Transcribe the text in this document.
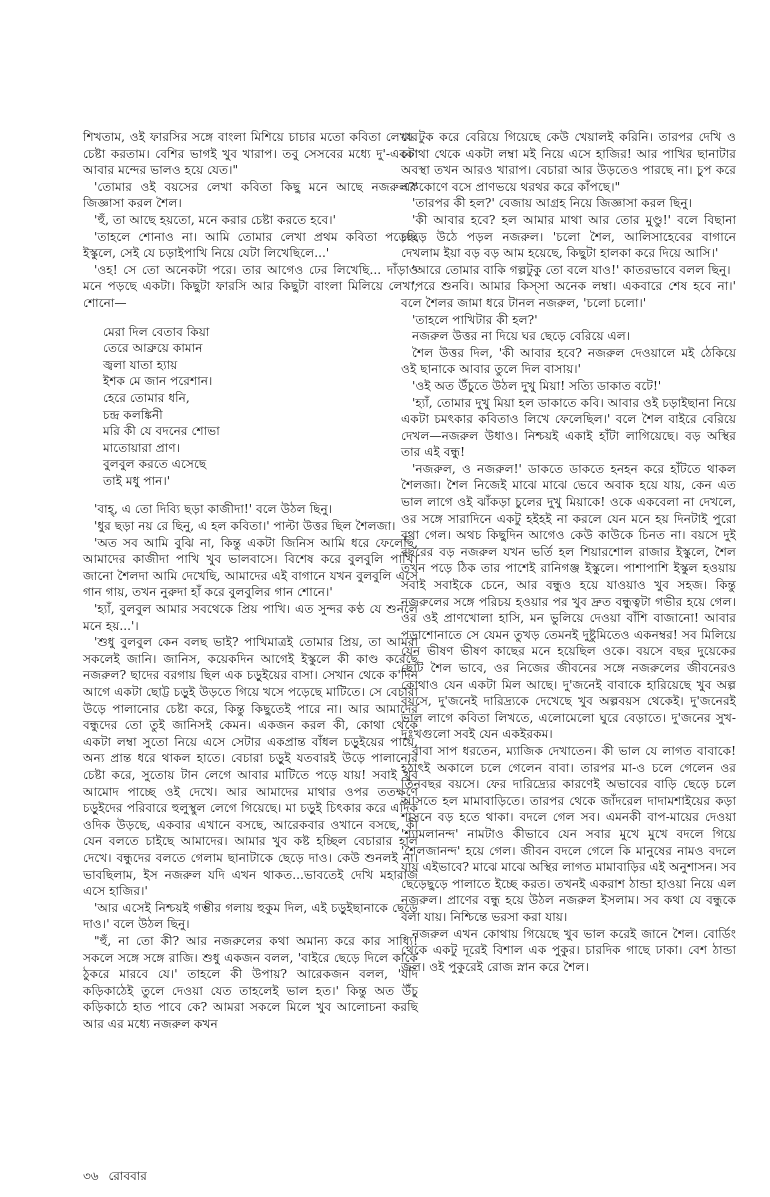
শিখতাম, ওই ফারসির সঙ্গে বাংলা মিশিয়ে চাচার মতো কবিতা লেখার চেষ্টা করতাম। বেশির ভাগই খুব খারাপ। তবু সেসবের মধ্যে দু'-একটা আবার মন্দের ভালও হয়ে যেত।"

'তোমার ওই বয়সের লেখা কবিতা কিছু মনে আছে নজরুল?' জিজ্ঞাসা করল শৈল।

'হুঁ, তা আছে হয়তো, মনে করার চেষ্টা করতে হবে।'

'তাহলে শোনাও না। আমি তোমার লেখা প্রথম কবিতা পড়েছি ইস্কুলে, সেই যে চড়াইপাখি নিয়ে যেটা লিখেছিলে...'

'ওহ! সে তো অনেকটা পরে। তার আগেও ঢের লিখেছি... দাঁড়াও মনে পড়ছে একটা। কিছুটা ফারসি আর কিছুটা বাংলা মিলিয়ে লেখা, শোনো—

মেরা দিল বেতাব কিয়া
তেরে আব্রুয়ে কামান
জ্বলা যাতা হ্যায়
ইশক মে জান পরেশান।
হেরে তোমার ধনি,
চন্দ্র কলঙ্কিনী
মরি কী যে বদনের শোভা
মাতোয়ারা প্রাণ।
বুলবুল করতে এসেছে
তাই মধু পান।'

'বাহ্, এ তো দিব্যি ছড়া কাজীদা!' বলে উঠল ছিনু।

'ধুর ছড়া নয় রে ছিনু, এ হল কবিতা।' পাল্টা উত্তর ছিল শৈলজা।

'অত সব আমি বুঝি না, কিন্তু একটা জিনিস আমি ধরে ফেলেছি, আমাদের কাজীদা পাখি খুব ভালবাসে। বিশেষ করে বুলবুলি পাখি। জানো শৈলদা আমি দেখেছি, আমাদের এই বাগানে যখন বুলবুলি এসে গান গায়, তখন নুরুদা হাঁ করে বুলবুলির গান শোনে।'

'হ্যাঁ, বুলবুল আমার সবথেকে প্রিয় পাখি। এত সুন্দর কণ্ঠ যে শুনলে মনে হয়...'।

'শুধু বুলবুল কেন বলছ ভাই? পাখিমাত্রই তোমার প্রিয়, তা আমরা সকলেই জানি। জানিস, কয়েকদিন আগেই ইস্কুলে কী কাণ্ড করেছে নজরুল? ছাদের বরগায় ছিল এক চড়ুইয়ের বাসা। সেখান থেকে ক'দিন আগে একটা ছোট্ট চড়ুই উড়তে গিয়ে খসে পড়েছে মাটিতে। সে বেচারা উড়ে পালানোর চেষ্টা করে, কিন্তু কিছুতেই পারে না। আর আমাদের বন্ধুদের তো তুই জানিসই কেমন। একজন করল কী, কোথা থেকে একটা লম্বা সুতো নিয়ে এসে সেটার একপ্রান্ত বাঁধল চড়ুইয়ের পায়ে, অন্য প্রান্ত ধরে থাকল হাতে। বেচারা চড়ুই যতবারই উড়ে পালানোর চেষ্টা করে, সুতোয় টান লেগে আবার মাটিতে পড়ে যায়! সবাই খুব আমোদ পাচ্ছে ওই দেখে। আর আমাদের মাথার ওপর ততক্ষণে চড়ুইদের পরিবারে হুলুস্থুল লেগে গিয়েছে। মা চড়ুই চিৎকার করে এদিক ওদিক উড়ছে, একবার এখানে বসছে, আরেকবার ওখানে বসছে, কী যেন বলতে চাইছে আমাদের। আমার খুব কষ্ট হচ্ছিল বেচারার হাল দেখে। বন্ধুদের বলতে গেলাম ছানাটাকে ছেড়ে দাও। কেউ শুনলই না। ভাবছিলাম, ইস নজরুল যদি এখন থাকত...ভাবতেই দেখি মহারাজ এসে হাজির।'

'আর এসেই নিশ্চয়ই গম্ভীর গলায় হুকুম দিল, এই চড়ুইছানাকে ছেড়ে দাও।' বলে উঠল ছিনু।

"হুঁ, না তো কী? আর নজরুলের কথা অমান্য করে কার সাধ্যি! সকলে সঙ্গে সঙ্গে রাজি। শুধু একজন বলল, 'বাইরে ছেড়ে দিলে কাকে ঠুকরে মারবে যে।' তাহলে কী উপায়? আরেকজন বলল, 'যদি কড়িকাঠেই তুলে দেওয়া যেত তাহলেই ভাল হত।' কিন্তু অত উঁচু কড়িকাঠে হাত পাবে কে? আমরা সকলে মিলে খুব আলোচনা করছি আর এর মধ্যে নজরুল কখন

যে টুক করে বেরিয়ে গিয়েছে কেউ খেয়ালই করিনি। তারপর দেখি ও কোথা থেকে একটা লম্বা মই নিয়ে এসে হাজির! আর পাখির ছানাটার অবস্থা তখন আরও খারাপ। বেচারা আর উড়তেও পারছে না। চুপ করে এককোণে বসে প্রাণভয়ে থরথর করে কাঁপছে।"

'তারপর কী হল?' বেজায় আগ্রহ নিয়ে জিজ্ঞাসা করল ছিনু।

'কী আবার হবে? হল আমার মাথা আর তোর মুণ্ডু!' বলে বিছানা ছেড়ে উঠে পড়ল নজরুল। 'চলো শৈল, আলিসাহেবের বাগানে দেখলাম ইয়া বড় বড় আম হয়েছে, কিছুটা হালকা করে দিয়ে আসি।'

'আরে তোমার বাকি গল্পটুকু তো বলে যাও!' কাতরভাবে বলল ছিনু।

'পরে শুনবি। আমার কিস্সা অনেক লম্বা। একবারে শেষ হবে না।' বলে শৈলর জামা ধরে টানল নজরুল, 'চলো চলো।'

'তাহলে পাখিটার কী হল?'

নজরুল উত্তর না দিয়ে ঘর ছেড়ে বেরিয়ে এল।

শৈল উত্তর দিল, 'কী আবার হবে? নজরুল দেওয়ালে মই ঠেকিয়ে ওই ছানাকে আবার তুলে দিল বাসায়।'

'ওই অত উঁচুতে উঠল দুখু মিয়া! সত্যি ডাকাত বটে!'

'হ্যাঁ, তোমার দুখু মিয়া হল ডাকাতে কবি। আবার ওই চড়াইছানা নিয়ে একটা চমৎকার কবিতাও লিখে ফেলেছিল।' বলে শৈল বাইরে বেরিয়ে দেখল—নজরুল উধাও। নিশ্চয়ই একাই হাঁটা লাগিয়েছে। বড় অস্থির তার এই বন্ধু!

'নজরুল, ও নজরুল!' ডাকতে ডাকতে হনহন করে হাঁটতে থাকল শৈলজা। শৈল নিজেই মাঝে মাঝে ভেবে অবাক হয়ে যায়, কেন এত ভাল লাগে ওই ঝাঁকড়া চুলের দুখু মিয়াকে! ওকে একবেলা না দেখলে, ওর সঙ্গে সারাদিনে একটু হইহই না করলে যেন মনে হয় দিনটাই পুরো বৃথা গেল। অথচ কিছুদিন আগেও কেউ কাউকে চিনত না। বয়সে দুই বছরের বড় নজরুল যখন ভর্তি হল শিয়ারশোল রাজার ইস্কুলে, শৈল তখন পড়ে ঠিক তার পাশেই রানিগঞ্জ ইস্কুলে। পাশাপাশি ইস্কুল হওয়ায় সবাই সবাইকে চেনে, আর বন্ধুও হয়ে যাওয়াও খুব সহজ। কিন্তু নজরুলের সঙ্গে পরিচয় হওয়ার পর খুব দ্রুত বন্ধুত্বটা গভীর হয়ে গেল। ওর ওই প্রাণখোলা হাসি, মন ভুলিয়ে দেওয়া বাঁশি বাজানো! আবার পড়াশোনাতে সে যেমন তুখড় তেমনই দুষ্টুমিতেও একনম্বর! সব মিলিয়ে যেন ভীষণ ভীষণ কাছের মনে হয়েছিল ওকে। বয়সে বছর দুয়েকের ছোট শৈল ভাবে, ওর নিজের জীবনের সঙ্গে নজরুলের জীবনেরও কোথাও যেন একটা মিল আছে। দু'জনেই বাবাকে হারিয়েছে খুব অল্প বয়সে, দু'জনেই দারিদ্র্যকে দেখেছে খুব অল্পবয়স থেকেই। দু'জনেরই ভাল লাগে কবিতা লিখতে, এলোমেলো ঘুরে বেড়াতে। দু'জনের সুখ-দুঃখগুলো সবই যেন একইরকম।

বাবা সাপ ধরতেন, ম্যাজিক দেখাতেন। কী ভাল যে লাগত বাবাকে! হঠাৎই অকালে চলে গেলেন বাবা। তারপর মা-ও চলে গেলেন ওর তিনবছর বয়সে। ফের দারিদ্র্যের কারণেই অভাবের বাড়ি ছেড়ে চলে আসতে হল মামাবাড়িতে। তারপর থেকে জাঁদরেল দাদামশাইয়ের কড়া শাসনে বড় হতে থাকা। বদলে গেল সব। এমনকী বাপ-মায়ের দেওয়া 'শ্যামলানন্দ' নামটাও কীভাবে যেন সবার মুখে মুখে বদলে গিয়ে 'শৈলজানন্দ' হয়ে গেল। জীবন বদলে গেলে কি মানুষের নামও বদলে যায় এইভাবে? মাঝে মাঝে অস্থির লাগত মামাবাড়ির এই অনুশাসন। সব ছেড়েছুড়ে পালাতে ইচ্ছে করত। তখনই একরাশ ঠান্ডা হাওয়া নিয়ে এল নজরুল। প্রাণের বন্ধু হয়ে উঠল নজরুল ইসলাম। সব কথা যে বন্ধুকে বলা যায়। নিশ্চিন্তে ভরসা করা যায়।

নজরুল এখন কোথায় গিয়েছে খুব ভাল করেই জানে শৈল। বোর্ডিং থেকে একটু দূরেই বিশাল এক পুকুর। চারদিক গাছে ঢাকা। বেশ ঠান্ডা জল। ওই পুকুরেই রোজ স্নান করে শৈল।

৩৬ রোববার
